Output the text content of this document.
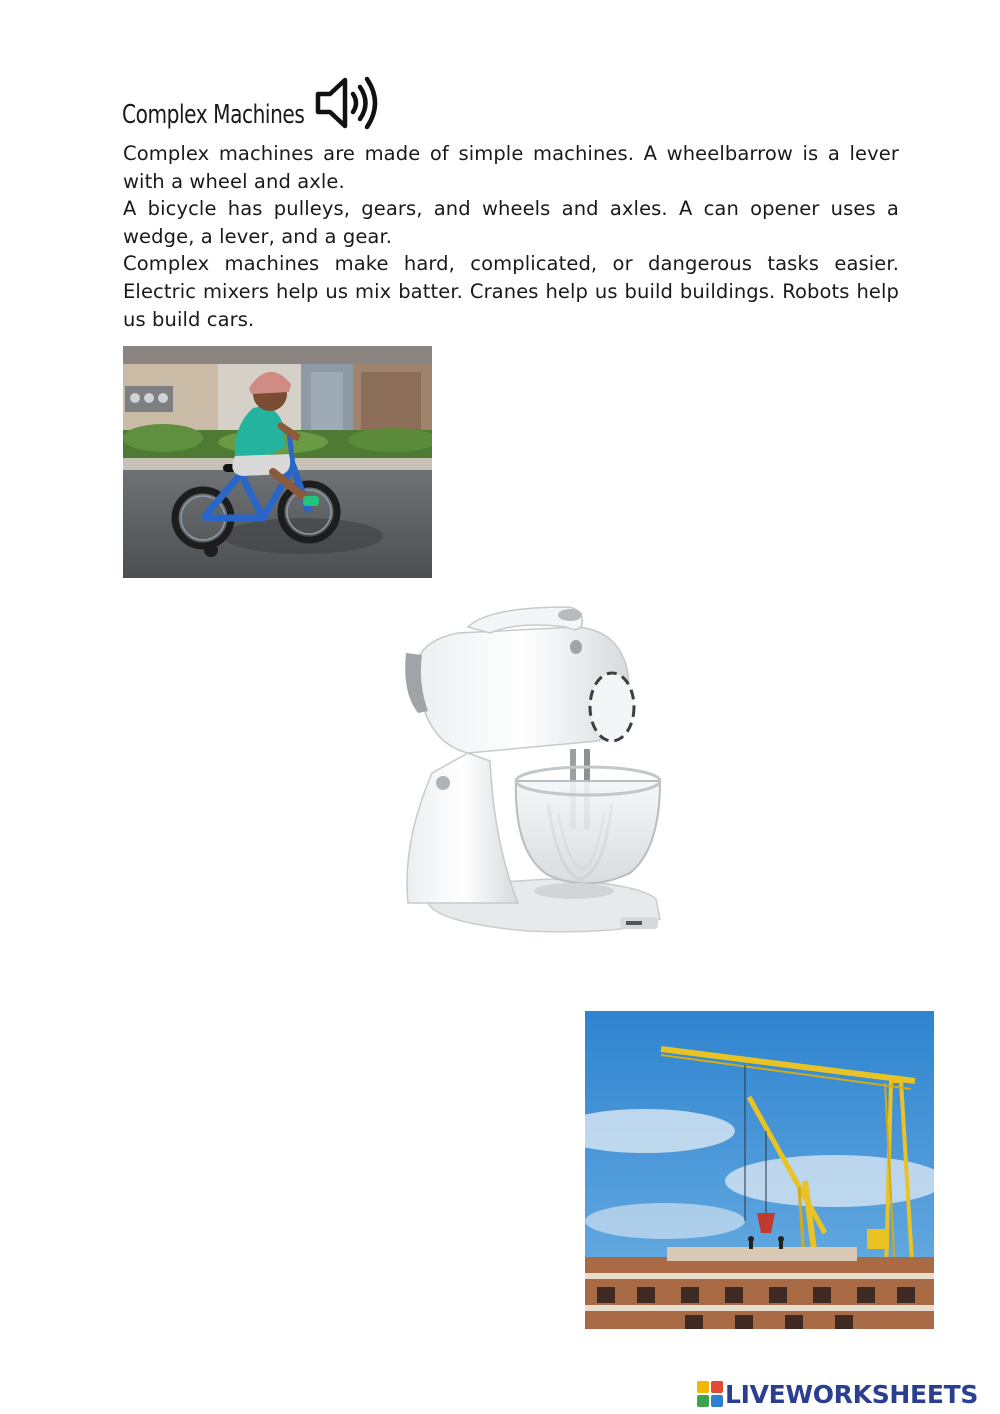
Complex Machines

Complex machines are made of simple machines. A wheelbarrow is a lever with a wheel and axle.

A bicycle has pulleys, gears, and wheels and axles. A can opener uses a wedge, a lever, and a gear.

Complex machines make hard, complicated, or dangerous tasks easier. Electric mixers help us mix batter. Cranes help us build buildings. Robots help us build cars.

LIVEWORKSHEETS
